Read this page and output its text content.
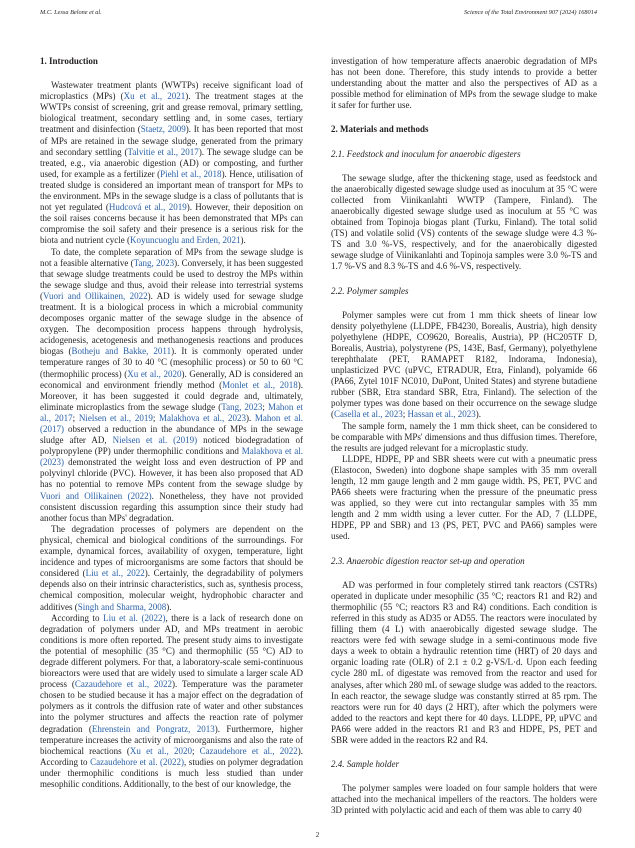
M.C. Lessa Belone et al.	Science of the Total Environment 907 (2024) 168014
1. Introduction

Wastewater treatment plants (WWTPs) receive significant load of microplastics (MPs) (Xu et al., 2021). The treatment stages at the WWTPs consist of screening, grit and grease removal, primary settling, biological treatment, secondary settling and, in some cases, tertiary treatment and disinfection (Staetz, 2009). It has been reported that most of MPs are retained in the sewage sludge, generated from the primary and secondary settling (Talvitie et al., 2017). The sewage sludge can be treated, e.g., via anaerobic digestion (AD) or composting, and further used, for example as a fertilizer (Piehl et al., 2018). Hence, utilisation of treated sludge is considered an important mean of transport for MPs to the environment. MPs in the sewage sludge is a class of pollutants that is not yet regulated (Hudcová et al., 2019). However, their deposition on the soil raises concerns because it has been demonstrated that MPs can compromise the soil safety and their presence is a serious risk for the biota and nutrient cycle (Koyuncuoglu and Erden, 2021).

To date, the complete separation of MPs from the sewage sludge is not a feasible alternative (Tang, 2023). Conversely, it has been suggested that sewage sludge treatments could be used to destroy the MPs within the sewage sludge and thus, avoid their release into terrestrial systems (Vuori and Ollikainen, 2022). AD is widely used for sewage sludge treatment. It is a biological process in which a microbial community decomposes organic matter of the sewage sludge in the absence of oxygen. The decomposition process happens through hydrolysis, acidogenesis, acetogenesis and methanogenesis reactions and produces biogas (Botheju and Bakke, 2011). It is commonly operated under temperature ranges of 30 to 40 °C (mesophilic process) or 50 to 60 °C (thermophilic process) (Xu et al., 2020). Generally, AD is considered an economical and environment friendly method (Monlet et al., 2018). Moreover, it has been suggested it could degrade and, ultimately, eliminate microplastics from the sewage sludge (Tang, 2023; Mahon et al., 2017; Nielsen et al., 2019; Malakhova et al., 2023). Mahon et al. (2017) observed a reduction in the abundance of MPs in the sewage sludge after AD, Nielsen et al. (2019) noticed biodegradation of polypropylene (PP) under thermophilic conditions and Malakhova et al. (2023) demonstrated the weight loss and even destruction of PP and polyvinyl chloride (PVC). However, it has been also proposed that AD has no potential to remove MPs content from the sewage sludge by Vuori and Ollikainen (2022). Nonetheless, they have not provided consistent discussion regarding this assumption since their study had another focus than MPs' degradation.

The degradation processes of polymers are dependent on the physical, chemical and biological conditions of the surroundings. For example, dynamical forces, availability of oxygen, temperature, light incidence and types of microorganisms are some factors that should be considered (Liu et al., 2022). Certainly, the degradability of polymers depends also on their intrinsic characteristics, such as, synthesis process, chemical composition, molecular weight, hydrophobic character and additives (Singh and Sharma, 2008).

According to Liu et al. (2022), there is a lack of research done on degradation of polymers under AD, and MPs treatment in aerobic conditions is more often reported. The present study aims to investigate the potential of mesophilic (35 °C) and thermophilic (55 °C) AD to degrade different polymers. For that, a laboratory-scale semi-continuous bioreactors were used that are widely used to simulate a larger scale AD process (Cazaudehore et al., 2022). Temperature was the parameter chosen to be studied because it has a major effect on the degradation of polymers as it controls the diffusion rate of water and other substances into the polymer structures and affects the reaction rate of polymer degradation (Ehrenstein and Pongratz, 2013). Furthermore, higher temperature increases the activity of microorganisms and also the rate of biochemical reactions (Xu et al., 2020; Cazaudehore et al., 2022). According to Cazaudehore et al. (2022), studies on polymer degradation under thermophilic conditions is much less studied than under mesophilic conditions. Additionally, to the best of our knowledge, the

investigation of how temperature affects anaerobic degradation of MPs has not been done. Therefore, this study intends to provide a better understanding about the matter and also the perspectives of AD as a possible method for elimination of MPs from the sewage sludge to make it safer for further use.

2. Materials and methods
2.1. Feedstock and inoculum for anaerobic digesters

The sewage sludge, after the thickening stage, used as feedstock and the anaerobically digested sewage sludge used as inoculum at 35 °C were collected from Viinikanlahti WWTP (Tampere, Finland). The anaerobically digested sewage sludge used as inoculum at 55 °C was obtained from Topinoja biogas plant (Turku, Finland). The total solid (TS) and volatile solid (VS) contents of the sewage sludge were 4.3 %-TS and 3.0 %-VS, respectively, and for the anaerobically digested sewage sludge of Viinikanlahti and Topinoja samples were 3.0 %-TS and 1.7 %-VS and 8.3 %-TS and 4.6 %-VS, respectively.

2.2. Polymer samples

Polymer samples were cut from 1 mm thick sheets of linear low density polyethylene (LLDPE, FB4230, Borealis, Austria), high density polyethylene (HDPE, CO9620, Borealis, Austria), PP (HC205TF D, Borealis, Austria), polystyrene (PS, 143E, Basf, Germany), polyethylene terephthalate (PET, RAMAPET R182, Indorama, Indonesia), unplasticized PVC (uPVC, ETRADUR, Etra, Finland), polyamide 66 (PA66, Zytel 101F NC010, DuPont, United States) and styrene butadiene rubber (SBR, Etra standard SBR, Etra, Finland). The selection of the polymer types was done based on their occurrence on the sewage sludge (Casella et al., 2023; Hassan et al., 2023).

The sample form, namely the 1 mm thick sheet, can be considered to be comparable with MPs' dimensions and thus diffusion times. Therefore, the results are judged relevant for a microplastic study.

LLDPE, HDPE, PP and SBR sheets were cut with a pneumatic press (Elastocon, Sweden) into dogbone shape samples with 35 mm overall length, 12 mm gauge length and 2 mm gauge width. PS, PET, PVC and PA66 sheets were fracturing when the pressure of the pneumatic press was applied, so they were cut into rectangular samples with 35 mm length and 2 mm width using a lever cutter. For the AD, 7 (LLDPE, HDPE, PP and SBR) and 13 (PS, PET, PVC and PA66) samples were used.

2.3. Anaerobic digestion reactor set-up and operation

AD was performed in four completely stirred tank reactors (CSTRs) operated in duplicate under mesophilic (35 °C; reactors R1 and R2) and thermophilic (55 °C; reactors R3 and R4) conditions. Each condition is referred in this study as AD35 or AD55. The reactors were inoculated by filling them (4 L) with anaerobically digested sewage sludge. The reactors were fed with sewage sludge in a semi-continuous mode five days a week to obtain a hydraulic retention time (HRT) of 20 days and organic loading rate (OLR) of 2.1 ± 0.2 g-VS/L·d. Upon each feeding cycle 280 mL of digestate was removed from the reactor and used for analyses, after which 280 mL of sewage sludge was added to the reactors. In each reactor, the sewage sludge was constantly stirred at 85 rpm. The reactors were run for 40 days (2 HRT), after which the polymers were added to the reactors and kept there for 40 days. LLDPE, PP, uPVC and PA66 were added in the reactors R1 and R3 and HDPE, PS, PET and SBR were added in the reactors R2 and R4.

2.4. Sample holder

The polymer samples were loaded on four sample holders that were attached into the mechanical impellers of the reactors. The holders were 3D printed with polylactic acid and each of them was able to carry 40

2
